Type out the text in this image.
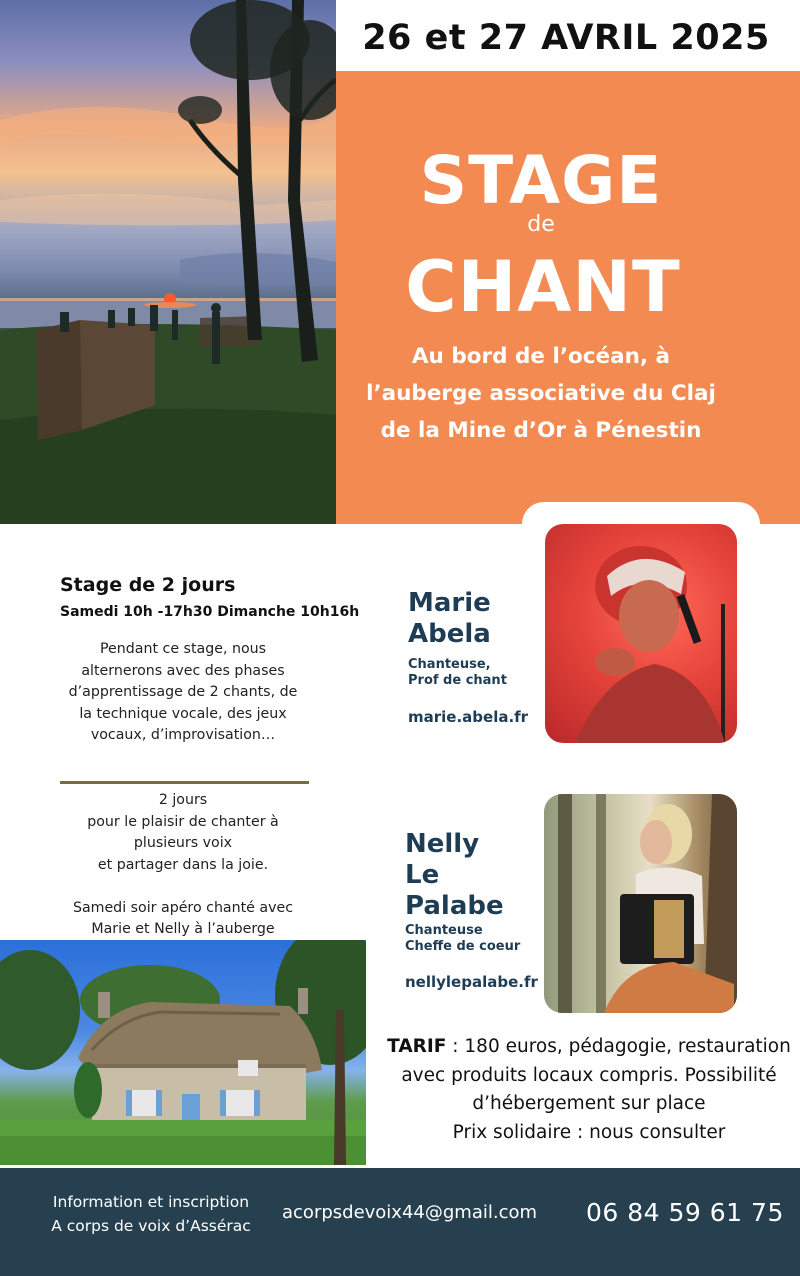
26 et 27 AVRIL 2025
STAGE
de
CHANT
Au bord de l’océan, à
l’auberge associative du Claj
de la Mine d’Or à Pénestin
Stage de 2 jours
Samedi 10h -17h30 Dimanche 10h16h
Pendant ce stage, nous
alternerons avec des phases
d’apprentissage de 2 chants, de
la technique vocale, des jeux
vocaux, d’improvisation…
2 jours
pour le plaisir de chanter à
plusieurs voix
et partager dans la joie.
Samedi soir apéro chanté avec
Marie et Nelly à l’auberge
Marie
Abela
Chanteuse,
Prof de chant
marie.abela.fr
Nelly
Le
Palabe
Chanteuse
Cheffe de coeur
nellylepalabe.fr
TARIF : 180 euros, pédagogie, restauration
avec produits locaux compris. Possibilité
d’hébergement sur place
Prix solidaire : nous consulter
Information et inscription
A corps de voix d’Assérac
acorpsdevoix44@gmail.com 06 84 59 61 75
